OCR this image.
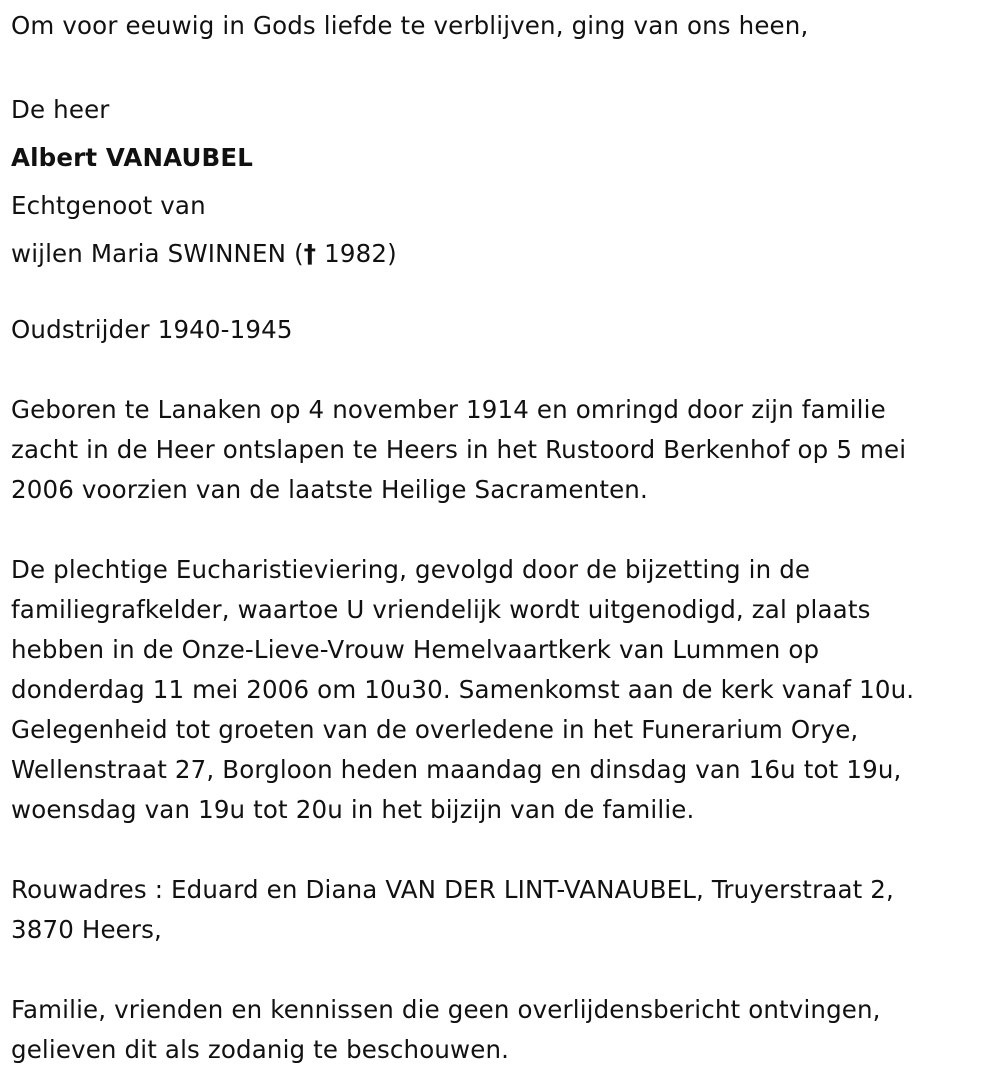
Om voor eeuwig in Gods liefde te verblijven, ging van ons heen,
De heer
Albert VANAUBEL
Echtgenoot van
wijlen Maria SWINNEN († 1982)
Oudstrijder 1940-1945
Geboren te Lanaken op 4 november 1914 en omringd door zijn familie
zacht in de Heer ontslapen te Heers in het Rustoord Berkenhof op 5 mei
2006 voorzien van de laatste Heilige Sacramenten.
De plechtige Eucharistieviering, gevolgd door de bijzetting in de
familiegrafkelder, waartoe U vriendelijk wordt uitgenodigd, zal plaats
hebben in de Onze-Lieve-Vrouw Hemelvaartkerk van Lummen op
donderdag 11 mei 2006 om 10u30. Samenkomst aan de kerk vanaf 10u.
Gelegenheid tot groeten van de overledene in het Funerarium Orye,
Wellenstraat 27, Borgloon heden maandag en dinsdag van 16u tot 19u,
woensdag van 19u tot 20u in het bijzijn van de familie.
Rouwadres : Eduard en Diana VAN DER LINT-VANAUBEL, Truyerstraat 2,
3870 Heers,
Familie, vrienden en kennissen die geen overlijdensbericht ontvingen,
gelieven dit als zodanig te beschouwen.
